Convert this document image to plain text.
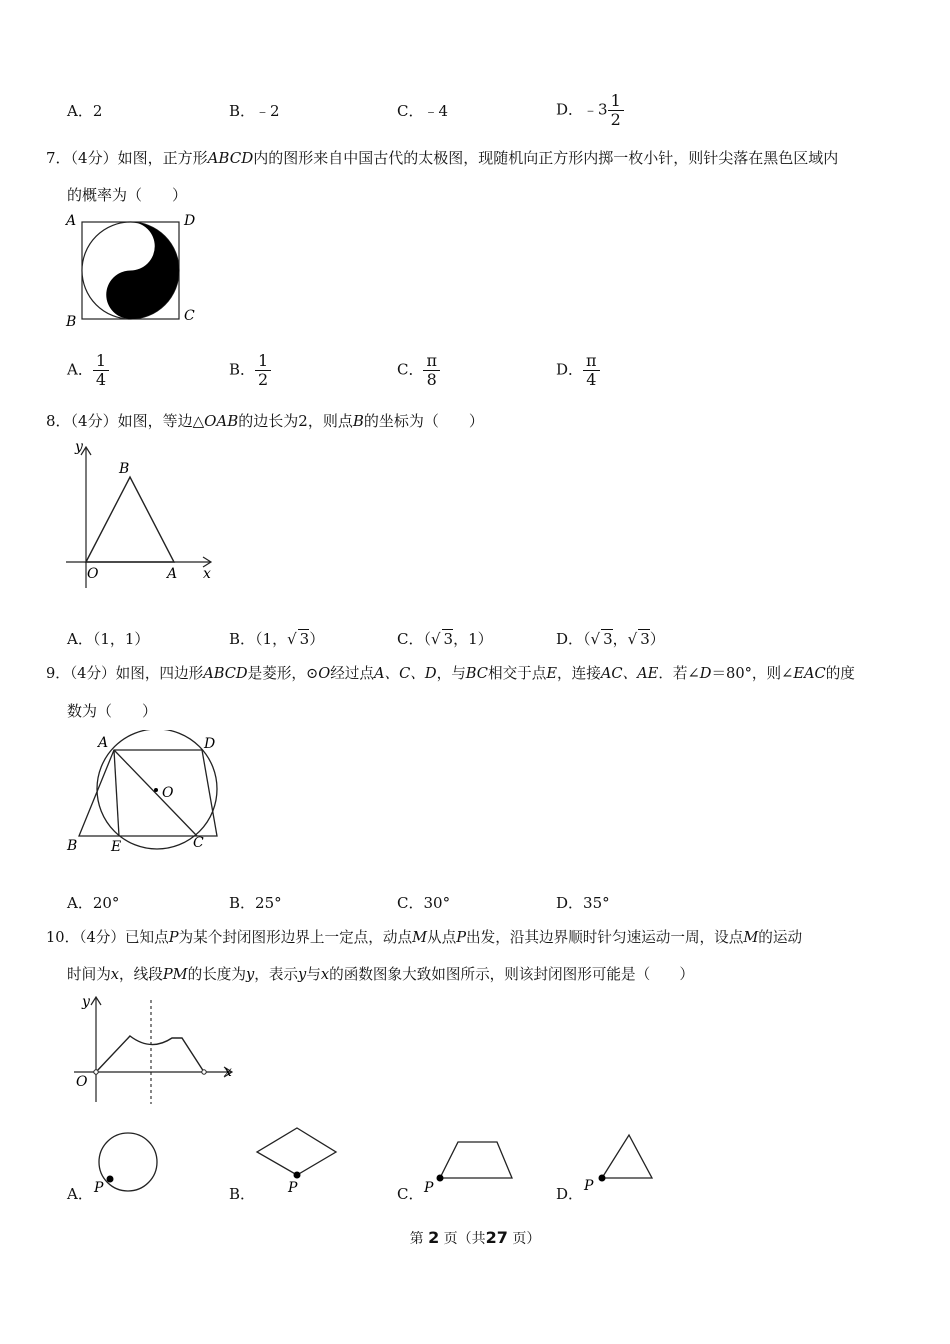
A．2	B．﹣2	C．﹣4	D．﹣3 $\frac{1}{2}$
7．（4分）如图，正方形ABCD内的图形来自中国古代的太极图，现随机向正方形内掷一枚小针，则针尖落在黑色区域内
的概率为（　　）
A	D
B	C
A． $\frac{1}{4}$	B． $\frac{1}{2}$	C． $\frac{\pi}{8}$	D． $\frac{\pi}{4}$
8．（4分）如图，等边△OAB的边长为2，则点B的坐标为（　　）
y
B
O	A x
A．（1，1）	B．（1，√ 3）	C．（√ 3，1）	D．（√ 3，√ 3）
9．（4分）如图，四边形ABCD是菱形，⊙O经过点A、C、D，与BC相交于点E，连接AC、AE．若∠D＝80°，则∠EAC的度
数为（　　）
A	D
O
B E	C
A．20°	B．25°	C．30°	D．35°
10．（4分）已知点P为某个封闭图形边界上一定点，动点M从点P出发，沿其边界顺时针匀速运动一周，设点M的运动
时间为x，线段PM的长度为y，表示y与x的函数图象大致如图所示，则该封闭图形可能是（　　）
y
O
x
A． P	B． P	C． P	D． P
第 2 页（共27 页）
